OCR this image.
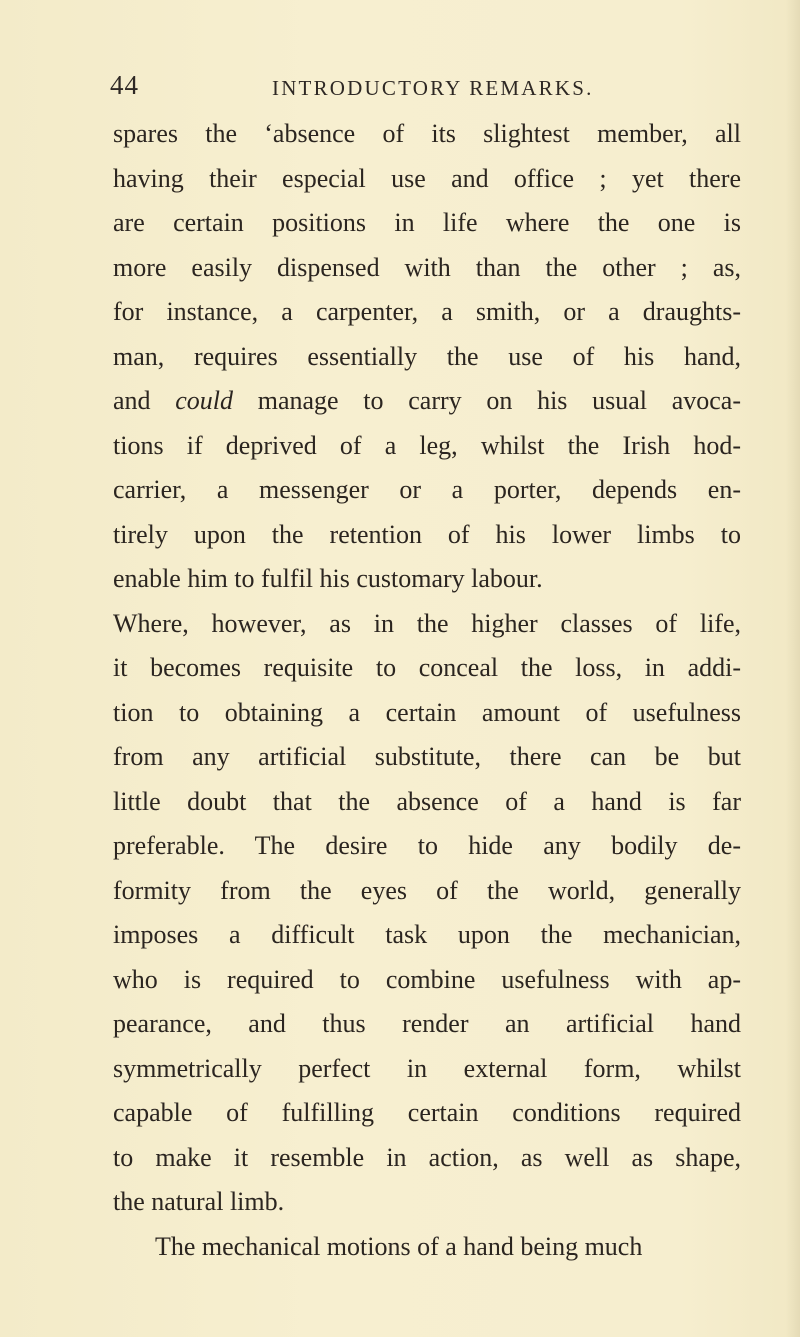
44	INTRODUCTORY REMARKS.
spares the ‘absence of its slightest member, all
having their especial use and office ; yet there
are certain positions in life where the one is
more easily dispensed with than the other ; as,
for instance, a carpenter, a smith, or a draughts-
man, requires essentially the use of his hand,
and could manage to carry on his usual avoca-
tions if deprived of a leg, whilst the Irish hod-
carrier, a messenger or a porter, depends en-
tirely upon the retention of his lower limbs to
enable him to fulfil his customary labour.
Where, however, as in the higher classes of life,
it becomes requisite to conceal the loss, in addi-
tion to obtaining a certain amount of usefulness
from any artificial substitute, there can be but
little doubt that the absence of a hand is far
preferable. The desire to hide any bodily de-
formity from the eyes of the world, generally
imposes a difficult task upon the mechanician,
who is required to combine usefulness with ap-
pearance, and thus render an artificial hand
symmetrically perfect in external form, whilst
capable of fulfilling certain conditions required
to make it resemble in action, as well as shape,
the natural limb.
The mechanical motions of a hand being much
